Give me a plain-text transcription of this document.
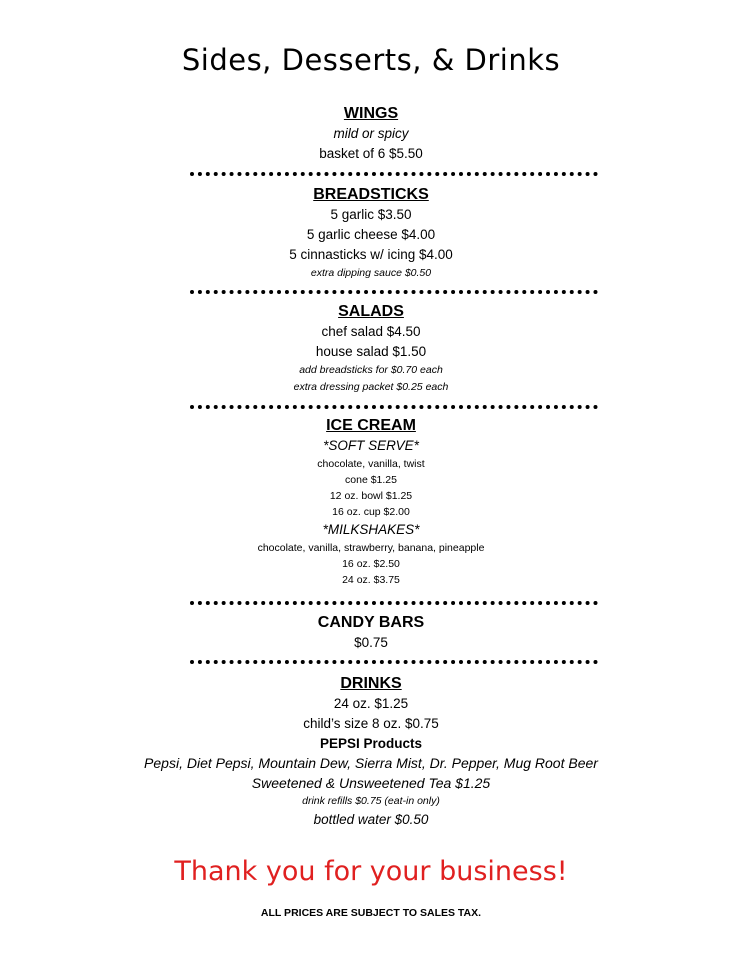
Sides, Desserts, & Drinks
WINGS
mild or spicy
basket of 6 $5.50
BREADSTICKS
5 garlic $3.50
5 garlic cheese $4.00
5 cinnasticks w/ icing $4.00
extra dipping sauce $0.50
SALADS
chef salad $4.50
house salad $1.50
add breadsticks for $0.70 each
extra dressing packet $0.25 each
ICE CREAM
*SOFT SERVE*
chocolate, vanilla, twist
cone $1.25
12 oz. bowl $1.25
16 oz. cup $2.00
*MILKSHAKES*
chocolate, vanilla, strawberry, banana, pineapple
16 oz. $2.50
24 oz. $3.75
CANDY BARS
$0.75
DRINKS
24 oz. $1.25
child’s size 8 oz. $0.75
PEPSI Products
Pepsi, Diet Pepsi, Mountain Dew, Sierra Mist, Dr. Pepper, Mug Root Beer
Sweetened & Unsweetened Tea $1.25
drink refills $0.75 (eat-in only)
bottled water $0.50
Thank you for your business!
ALL PRICES ARE SUBJECT TO SALES TAX.
